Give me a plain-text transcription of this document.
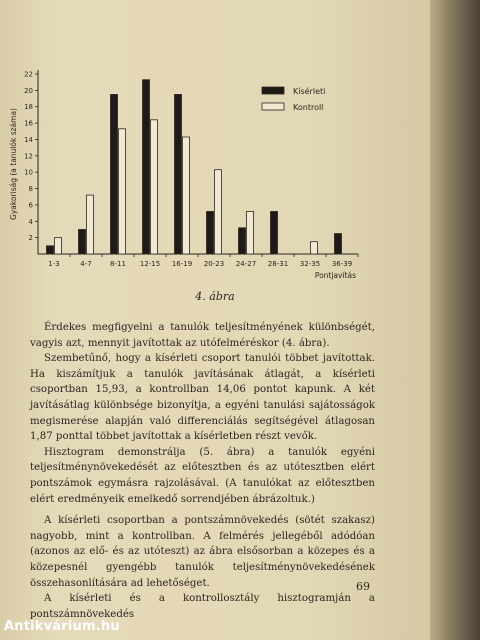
2
4
6
8
10
12
14
16
18
20
22
Gyakoriság (a tanulók száma)
1-3	4-7	8-11 12-15 16-19 20-23 24-27 28-31 32-35 36-39
Pontjavítás
Kísérleti
Kontroll
4. ábra

Érdekes megfigyelni a tanulók teljesítményének különbségét, vagyis azt, mennyit javítottak az utófelméréskor (4. ábra).

Szembetűnő, hogy a kísérleti csoport tanulói többet javítottak. Ha kiszámítjuk a tanulók javításának átlagát, a kísérleti csoportban 15,93, a kontrollban 14,06 pontot kapunk. A két javításátlag különbsége bizonyítja, a egyéni tanulási sajátosságok megismerése alapján való differenciálás segítségével átlagosan 1,87 ponttal többet javítottak a kísérletben részt vevők.

Hisztogram demonstrálja (5. ábra) a tanulók egyéni teljesítménynövekedését az előtesztben és az utótesztben elért pontszámok egymásra rajzolásával. (A tanulókat az előtesztben elért eredményeik emelkedő sorrendjében ábrázoltuk.)

A kísérleti csoportban a pontszámnövekedés (sötét szakasz) nagyobb, mint a kontrollban. A felmérés jellegéből adódóan (azonos az elő- és az utóteszt) az ábra elsősorban a közepes és a közepesnél gyengébb tanulók teljesítménynövekedésének összehasonlítására ad lehetőséget.

A kísérleti és a kontrollosztály hisztogramján a pontszámnövekedés

69
Antikvárium.hu
